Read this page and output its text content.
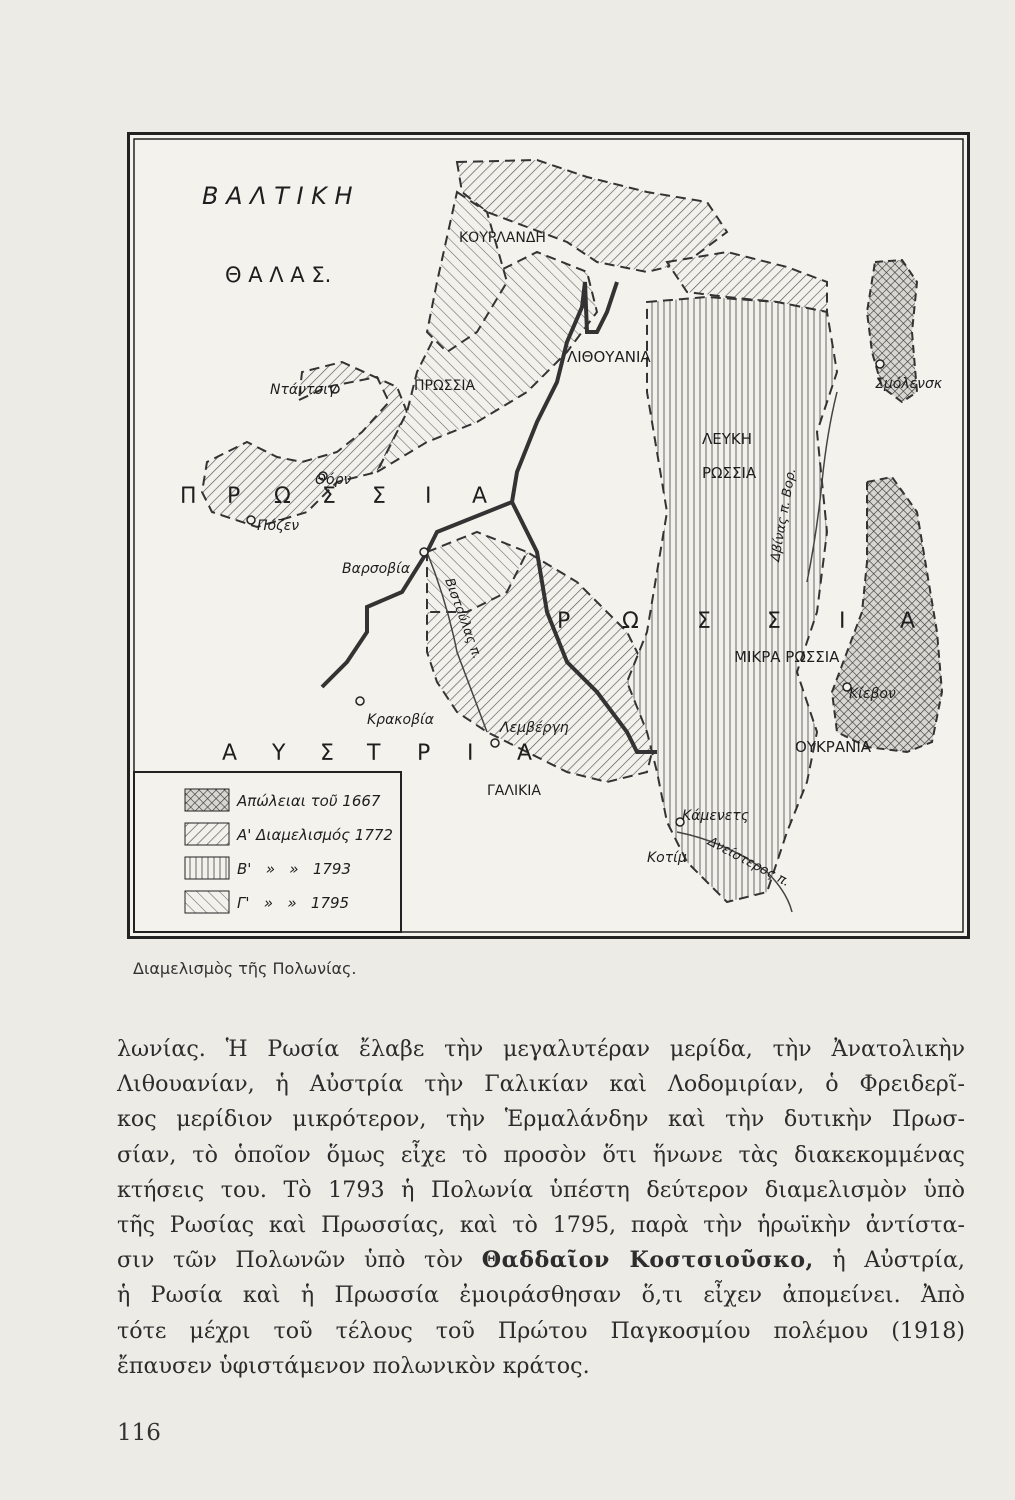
Β Α Λ Τ Ι Κ Η
Θ Α Λ Α Σ.
ΚΟΥΡΛΑΝΔΗ
ΛΙΘΟΥΑΝΙΑ
ΠΡΩΣΣΙΑ
ΛΕΥΚΗ
ΡΩΣΣΙΑ
ΜΙΚΡΑ ΡΩΣΣΙΑ
ΟΥΚΡΑΝΙΑ
ΓΑΛΙΚΙΑ
Π Ρ Ω Σ Σ Ι Α
Ρ Ω	Σ	Σ	Ι Α
Α Υ Σ Τ Ρ Ι Α
Ντάντσιγ
Θόρν
Πόζεν
Βαρσοβία
Κρακοβία	Λεμβέργη
Σμόλενσκ
Κίεβον
Κάμενετς
Κοτίμ
Βιστούλας π.
Δβίνας π. Βορ.
Δνείστερος π.
Απώλειαι τοῦ 1667
Α' Διαμελισμός 1772
Β'   »   »   1793
Γ'   »   »   1795
Διαμελισμὸς τῆς Πολωνίας.
λωνίας. Ἡ Ρωσία ἔλαβε τὴν μεγαλυτέραν μερίδα, τὴν Ἀνατολικὴν
Λιθουανίαν, ἡ Αὐστρία τὴν Γαλικίαν καὶ Λοδομιρίαν, ὁ Φρειδερῖ-
κος μερίδιον μικρότερον, τὴν Ἑρμαλάνδην καὶ τὴν δυτικὴν Πρωσ-
σίαν, τὸ ὁποῖον ὅμως εἶχε τὸ προσὸν ὅτι ἥνωνε τὰς διακεκομμένας
κτήσεις του. Τὸ 1793 ἡ Πολωνία ὑπέστη δεύτερον διαμελισμὸν ὑπὸ
τῆς Ρωσίας καὶ Πρωσσίας, καὶ τὸ 1795, παρὰ τὴν ἡρωϊκὴν ἀντίστα-
σιν τῶν Πολωνῶν ὑπὸ τὸν Θαδδαῖον Κοστσιοῦσκο, ἡ Αὐστρία,
ἡ Ρωσία καὶ ἡ Πρωσσία ἐμοιράσθησαν ὅ,τι εἶχεν ἀπομείνει. Ἀπὸ
τότε μέχρι τοῦ τέλους τοῦ Πρώτου Παγκοσμίου πολέμου (1918)
ἔπαυσεν ὑφιστάμενον πολωνικὸν κράτος.
116
